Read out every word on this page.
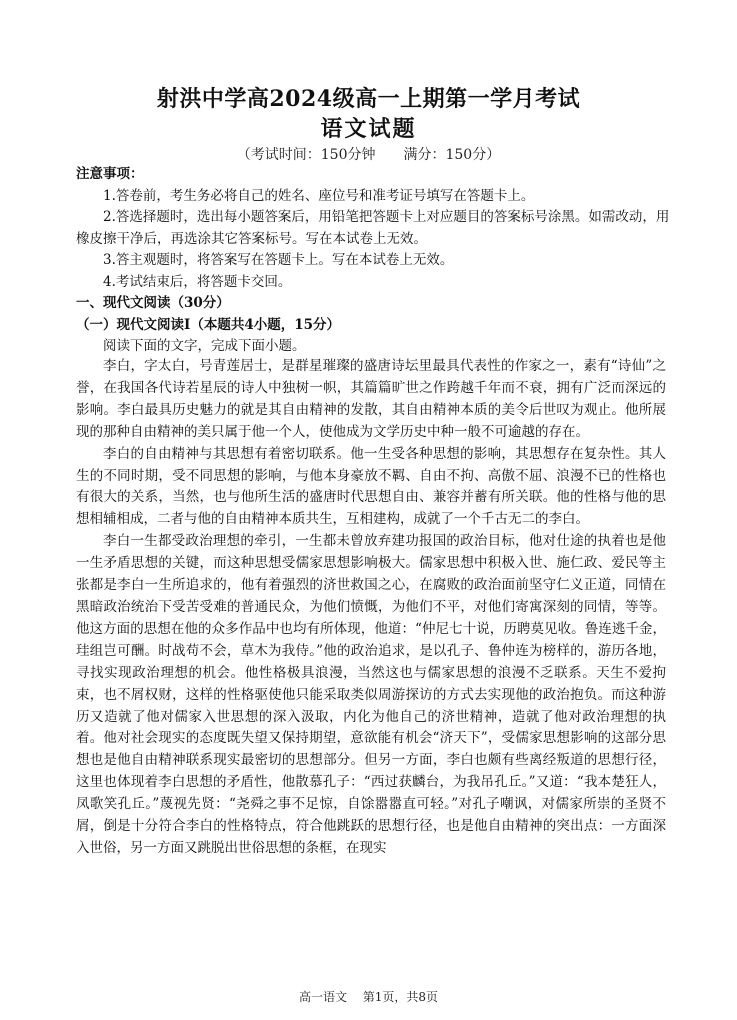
射洪中学高2024级高一上期第一学月考试
语文试题
（考试时间：150分钟　　满分：150分）

注意事项：

1.答卷前，考生务必将自己的姓名、座位号和准考证号填写在答题卡上。

2.答选择题时，选出每小题答案后，用铅笔把答题卡上对应题目的答案标号涂黑。如需改动，用橡皮擦干净后，再选涂其它答案标号。写在本试卷上无效。

3.答主观题时，将答案写在答题卡上。写在本试卷上无效。

4.考试结束后，将答题卡交回。

一、现代文阅读（30分）

（一）现代文阅读Ⅰ（本题共4小题，15分）

阅读下面的文字，完成下面小题。

李白，字太白，号青莲居士，是群星璀璨的盛唐诗坛里最具代表性的作家之一，素有“诗仙”之誉，在我国各代诗若星辰的诗人中独树一帜，其篇篇旷世之作跨越千年而不衰，拥有广泛而深远的影响。李白最具历史魅力的就是其自由精神的发散，其自由精神本质的美令后世叹为观止。他所展现的那种自由精神的美只属于他一个人，使他成为文学历史中种一般不可逾越的存在。

李白的自由精神与其思想有着密切联系。他一生受各种思想的影响，其思想存在复杂性。其人生的不同时期，受不同思想的影响，与他本身豪放不羁、自由不拘、高傲不屈、浪漫不已的性格也有很大的关系，当然，也与他所生活的盛唐时代思想自由、兼容并蓄有所关联。他的性格与他的思想相辅相成，二者与他的自由精神本质共生，互相建构，成就了一个千古无二的李白。

李白一生都受政治理想的牵引，一生都未曾放弃建功报国的政治目标，他对仕途的执着也是他一生矛盾思想的关键，而这种思想受儒家思想影响极大。儒家思想中积极入世、施仁政、爱民等主张都是李白一生所追求的，他有着强烈的济世救国之心，在腐败的政治面前坚守仁义正道，同情在黑暗政治统治下受苦受难的普通民众，为他们愤慨，为他们不平，对他们寄寓深刻的同情，等等。他这方面的思想在他的众多作品中也均有所体现，他道：“仲尼七十说，历聘莫见收。鲁连逃千金，珪组岂可酬。时战苟不会，草木为我侍。”他的政治追求，是以孔子、鲁仲连为榜样的，游历各地，寻找实现政治理想的机会。他性格极具浪漫，当然这也与儒家思想的浪漫不乏联系。天生不爱拘束，也不屑权财，这样的性格驱使他只能采取类似周游探访的方式去实现他的政治抱负。而这种游历又造就了他对儒家入世思想的深入汲取，内化为他自己的济世精神，造就了他对政治理想的执着。他对社会现实的态度既失望又保持期望，意欲能有机会“济天下”，受儒家思想影响的这部分思想也是他自由精神联系现实最密切的思想部分。但另一方面，李白也颇有些离经叛道的思想行径，这里也体现着李白思想的矛盾性，他散慕孔子：“西过获麟台，为我吊孔丘。”又道：“我本楚狂人，凤歌笑孔丘。”蔑视先贤：“尧舜之事不足惊，自馀嚣嚣直可轻。”对孔子嘲讽，对儒家所崇的圣贤不屑，倒是十分符合李白的性格特点，符合他跳跃的思想行径，也是他自由精神的突出点：一方面深入世俗，另一方面又跳脱出世俗思想的条框，在现实

高一语文 第1页，共8页
